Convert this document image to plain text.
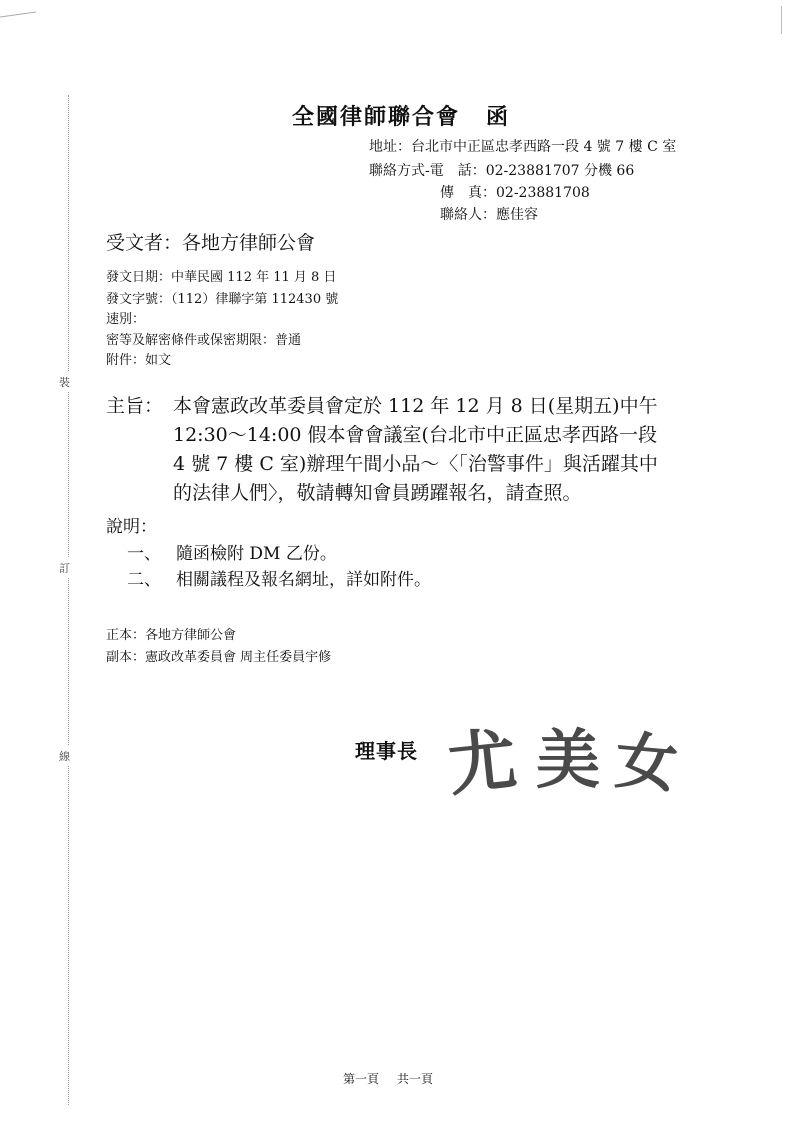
裝
訂
線
全國律師聯合會 函
地址：台北市中正區忠孝西路一段 4 號 7 樓 C 室
聯絡方式-電　話：02-23881707 分機 66
傳　真：02-23881708
聯絡人：應佳容
受文者：各地方律師公會
發文日期：中華民國 112 年 11 月 8 日
發文字號：（112）律聯字第 112430 號
速別：
密等及解密條件或保密期限：普通
附件：如文
主旨： 本會憲政改革委員會定於 112 年 12 月 8 日(星期五)中午
12:30～14:00 假本會會議室(台北市中正區忠孝西路一段
4 號 7 樓 C 室)辦理午間小品～〈「治警事件」與活躍其中
的法律人們〉，敬請轉知會員踴躍報名，請查照。
說明：
一、 隨函檢附 DM 乙份。
二、 相關議程及報名網址，詳如附件。
正本：各地方律師公會
副本：憲政改革委員會 周主任委員宇修
理事長 尤 美 女
第一頁 共一頁
